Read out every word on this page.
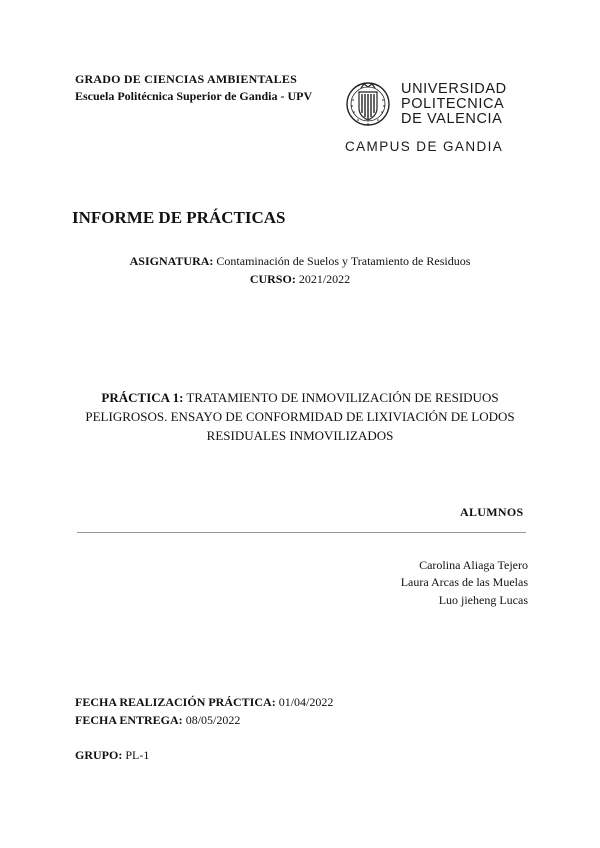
GRADO DE CIENCIAS AMBIENTALES
Escuela Politécnica Superior de Gandia - UPV	UNIVERSIDAD
POLITECNICA
DE VALENCIA
CAMPUS DE GANDIA
INFORME DE PRÁCTICAS
ASIGNATURA: Contaminación de Suelos y Tratamiento de Residuos
CURSO: 2021/2022
PRÁCTICA 1: TRATAMIENTO DE INMOVILIZACIÓN DE RESIDUOS
PELIGROSOS. ENSAYO DE CONFORMIDAD DE LIXIVIACIÓN DE LODOS
RESIDUALES INMOVILIZADOS
ALUMNOS
Carolina Aliaga Tejero
Laura Arcas de las Muelas
Luo jieheng Lucas
FECHA REALIZACIÓN PRÁCTICA: 01/04/2022
FECHA ENTREGA: 08/05/2022
GRUPO: PL-1
